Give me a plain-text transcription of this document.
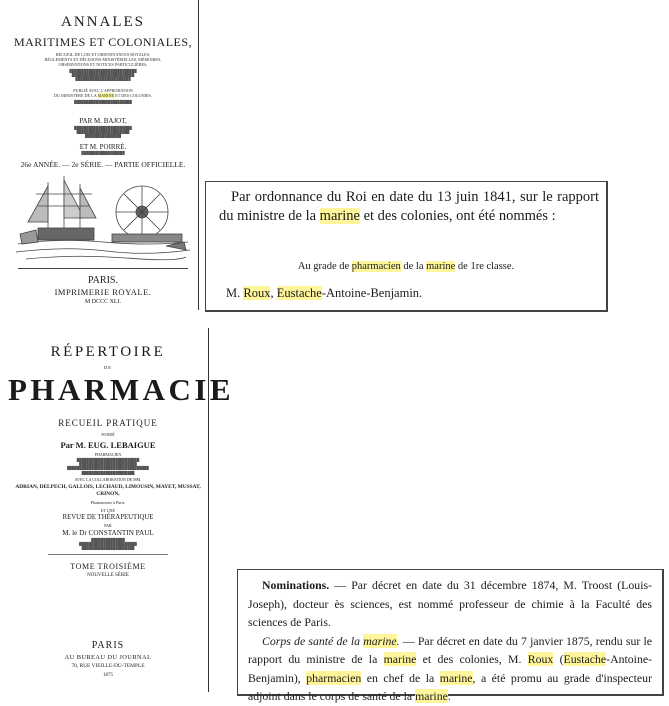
ANNALES
MARITIMES ET COLONIALES,
RECUEIL DE LOIS ET ORDONNANCES ROYALES,
RÈGLEMENTS ET DÉCISIONS MINISTÉRIELLES, MÉMOIRES,
OBSERVATIONS ET NOTICES PARTICULIÈRES,
████████████████████████████
██████████████████████████
███████████████████████
PUBLIÉ AVEC L'APPROBATION
DU MINISTÈRE DE LA MARINE ET DES COLONIES,
████████████████████████
PAR M. BAJOT,
████████████████████████
██████████████████████
███████████████
ET M. POIRRÉ.
██████████████████
26e ANNÉE. — 2e SÉRIE. — PARTIE OFFICIELLE.
PARIS.
IMPRIMERIE ROYALE.
M DCCC XLI.

Par ordonnance du Roi en date du 13 juin 1841, sur le rapport du ministre de la marine et des colonies, ont été nommés :

Au grade de pharmacien de la marine de 1re classe.
M. Roux, Eustache-Antoine-Benjamin.
RÉPERTOIRE
DE
PHARMACIE
RECUEIL PRATIQUE
FONDÉ
Par M. EUG. LEBAIGUE
PHARMACIEN
██████████████████████████
████████████████████████
██████████████████████████████████
██████████████████████
AVEC LA COLLABORATION DE MM.
ADRIAN, DELPECH, GALLOIS, LECHAUD, LIMOUSIN, MAYET, MUSSAT, CRINON,
Pharmaciens à Paris.
ET UNE
REVUE DE THÉRAPEUTIQUE
PAR
M. le Dr CONSTANTIN PAUL
██████████████
████████████████████████
██████████████████████
TOME TROISIÈME
NOUVELLE SÉRIE
PARIS
AU BUREAU DU JOURNAL
78, RUE VIEILLE-DU-TEMPLE
1875

Nominations. — Par décret en date du 31 décembre 1874, M. Troost (Louis-Joseph), docteur ès sciences, est nommé professeur de chimie à la Faculté des sciences de Paris.

Corps de santé de la marine. — Par décret en date du 7 janvier 1875, rendu sur le rapport du ministre de la marine et des colonies, M. Roux (Eustache-Antoine-Benjamin), pharmacien en chef de la marine, a été promu au grade d'inspecteur adjoint dans le corps de santé de la marine.
